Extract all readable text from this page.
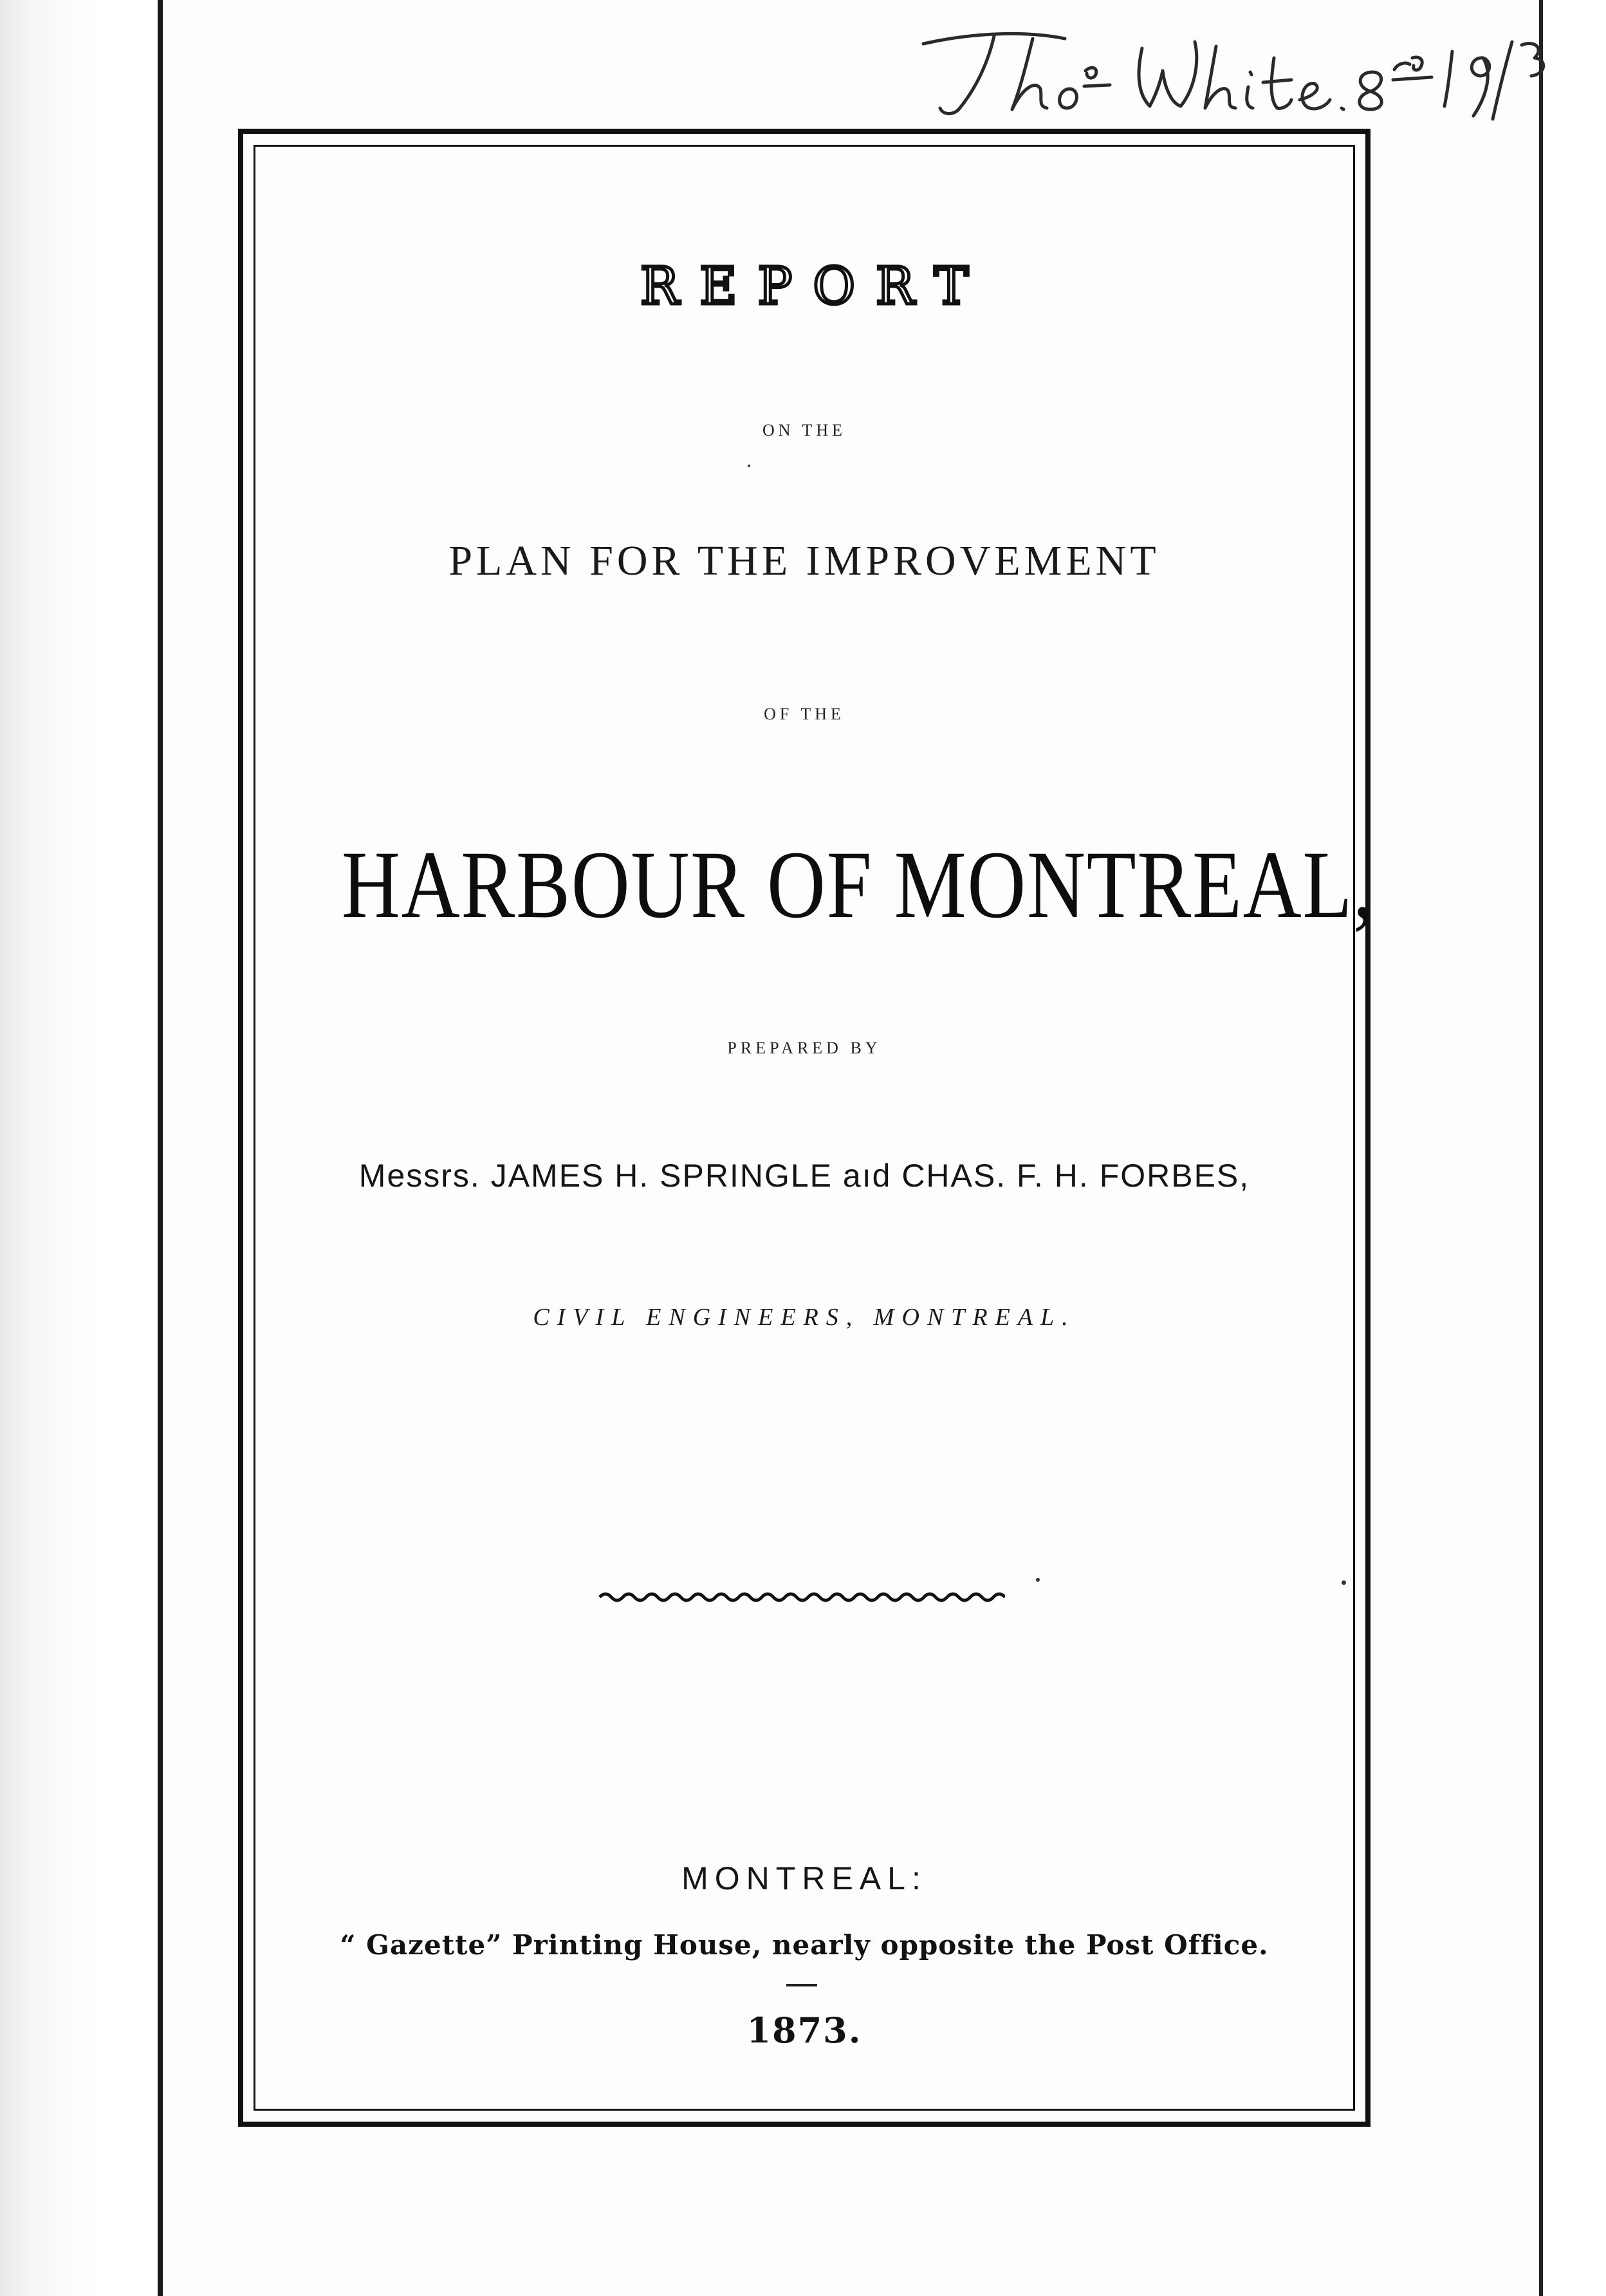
REPORT
ON THE
PLAN FOR THE IMPROVEMENT
OF THE
HARBOUR OF MONTREAL,
PREPARED BY
Messrs. JAMES H. SPRINGLE aıd CHAS. F. H. FORBES,
CIVIL ENGINEERS, MONTREAL.
MONTREAL:
“ Gazette” Printing House, nearly opposite the Post Office.
1873.
